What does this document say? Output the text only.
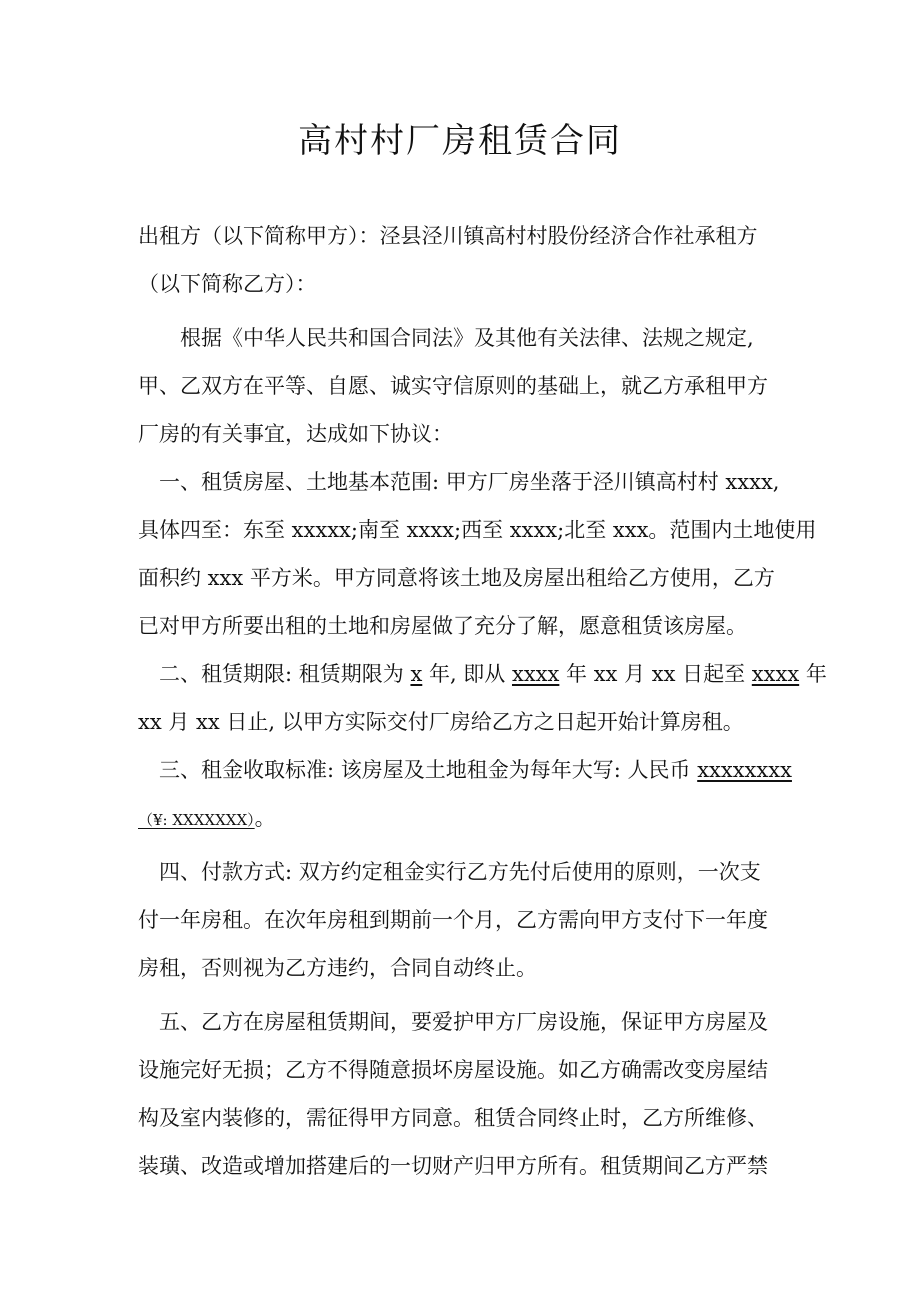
高村村厂房租赁合同
出租方（以下简称甲方）：泾县泾川镇高村村股份经济合作社承租方
（以下简称乙方）：
根据《中华人民共和国合同法》及其他有关法律、法规之规定,
甲、乙双方在平等、自愿、诚实守信原则的基础上，就乙方承租甲方
厂房的有关事宜，达成如下协议：
一、租赁房屋、土地基本范围: 甲方厂房坐落于泾川镇高村村 xxxx,
具体四至：东至 xxxxx;南至 xxxx;西至 xxxx;北至 xxx。范围内土地使用
面积约 xxx 平方米。甲方同意将该土地及房屋出租给乙方使用，乙方
已对甲方所要出租的土地和房屋做了充分了解，愿意租赁该房屋。
二、租赁期限: 租赁期限为 x 年, 即从 xxxx 年 xx 月 xx 日起至 xxxx 年
xx 月 xx 日止, 以甲方实际交付厂房给乙方之日起开始计算房租。
三、租金收取标准: 该房屋及土地租金为每年大写: 人民币 xxxxxxxx
（¥: XXXXXXX）。
四、付款方式: 双方约定租金实行乙方先付后使用的原则，一次支
付一年房租。在次年房租到期前一个月，乙方需向甲方支付下一年度
房租，否则视为乙方违约，合同自动终止。
五、乙方在房屋租赁期间，要爱护甲方厂房设施，保证甲方房屋及
设施完好无损；乙方不得随意损坏房屋设施。如乙方确需改变房屋结
构及室内装修的，需征得甲方同意。租赁合同终止时，乙方所维修、
装璜、改造或增加搭建后的一切财产归甲方所有。租赁期间乙方严禁
